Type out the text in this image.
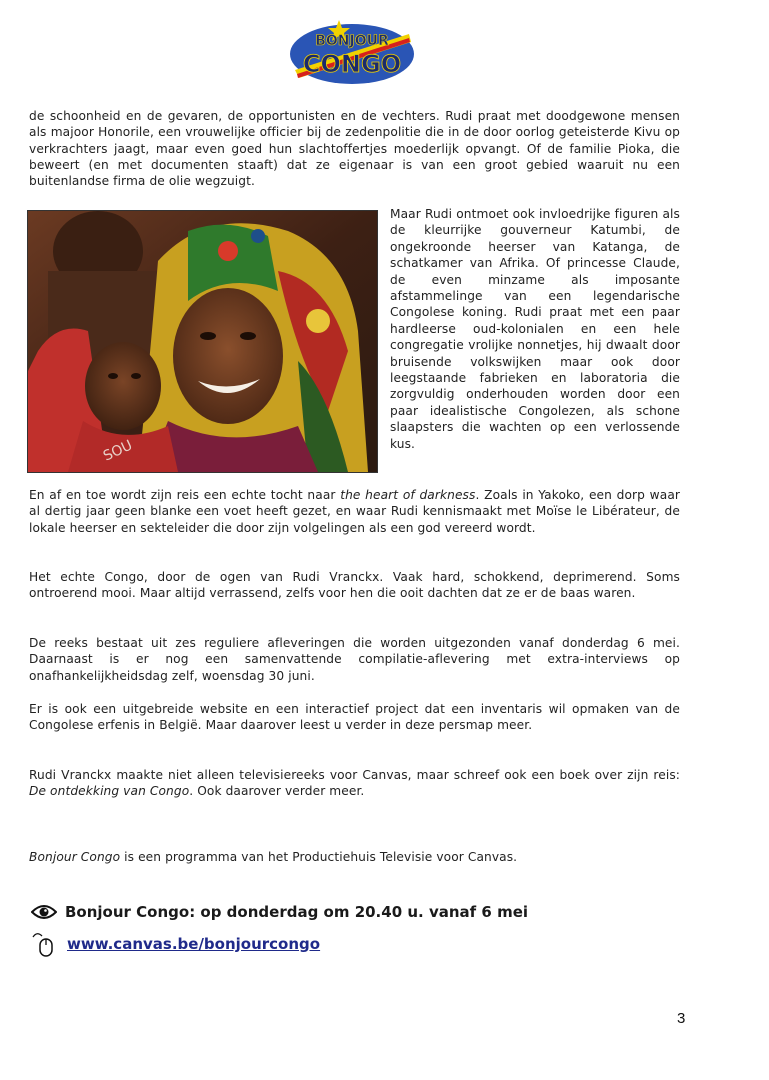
BONJOUR
CONGO

de schoonheid en de gevaren, de opportunisten en de vechters. Rudi praat met doodgewone mensen als majoor Honorile, een vrouwelijke officier bij de zedenpolitie die in de door oorlog geteisterde Kivu op verkrachters jaagt, maar even goed hun slachtoffertjes moederlijk opvangt. Of de familie Pioka, die beweert (en met documenten staaft) dat ze eigenaar is van een groot gebied waaruit nu een buitenlandse firma de olie wegzuigt.

SOU

Maar Rudi ontmoet ook invloedrijke figuren als de kleurrijke gouverneur Katumbi, de ongekroonde heerser van Katanga, de schatkamer van Afrika. Of princesse Claude, de even minzame als imposante afstammelinge van een legendarische Congolese koning. Rudi praat met een paar hardleerse oud-kolonialen en een hele congregatie vrolijke nonnetjes, hij dwaalt door bruisende volkswijken maar ook door leegstaande fabrieken en laboratoria die zorgvuldig onderhouden worden door een paar idealistische Congolezen, als schone slaapsters die wachten op een verlossende kus.

En af en toe wordt zijn reis een echte tocht naar the heart of darkness. Zoals in Yakoko, een dorp waar al dertig jaar geen blanke een voet heeft gezet, en waar Rudi kennismaakt met Moïse le Libérateur, de lokale heerser en sekteleider die door zijn volgelingen als een god vereerd wordt.

Het echte Congo, door de ogen van Rudi Vranckx. Vaak hard, schokkend, deprimerend. Soms ontroerend mooi. Maar altijd verrassend, zelfs voor hen die ooit dachten dat ze er de baas waren.

De reeks bestaat uit zes reguliere afleveringen die worden uitgezonden vanaf donderdag 6 mei. Daarnaast is er nog een samenvattende compilatie-aflevering met extra-interviews op onafhankelijkheidsdag zelf, woensdag 30 juni.

Er is ook een uitgebreide website en een interactief project dat een inventaris wil opmaken van de Congolese erfenis in België. Maar daarover leest u verder in deze persmap meer.

Rudi Vranckx maakte niet alleen televisiereeks voor Canvas, maar schreef ook een boek over zijn reis: De ontdekking van Congo. Ook daarover verder meer.

Bonjour Congo is een programma van het Productiehuis Televisie voor Canvas.

Bonjour Congo: op donderdag om 20.40 u. vanaf 6 mei
www.canvas.be/bonjourcongo
3
